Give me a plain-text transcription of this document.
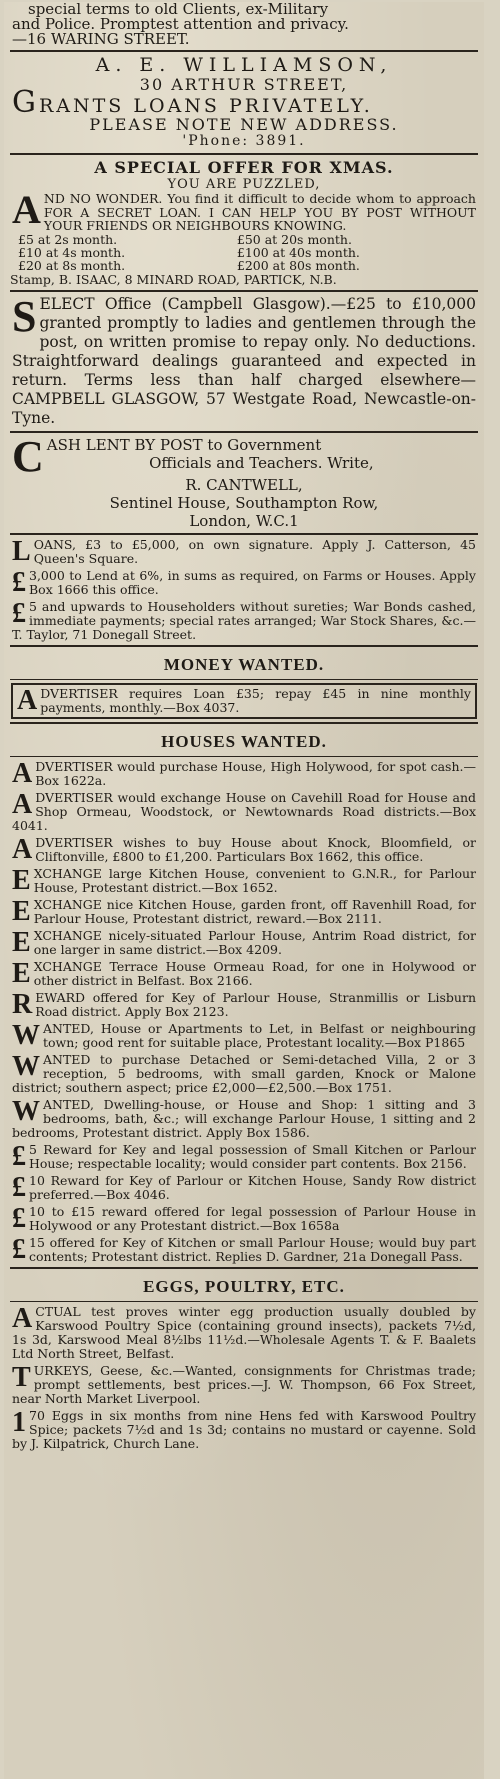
special terms to old Clients, ex-Military
and Police. Promptest attention and privacy.
—16 WARING STREET.
A. E. WILLIAMSON,
30 ARTHUR STREET,
GRANTS LOANS PRIVATELY.
PLEASE NOTE NEW ADDRESS.
'Phone: 3891.
A SPECIAL OFFER FOR XMAS.
YOU ARE PUZZLED,
AND NO WONDER. You find it difficult to decide whom to approach FOR A SECRET LOAN. I CAN HELP YOU BY POST WITHOUT YOUR FRIENDS OR NEIGHBOURS KNOWING.
£5 at 2s month.	£50 at 20s month.
£10 at 4s month.	£100 at 40s month.
£20 at 8s month.	£200 at 80s month.
Stamp, B. ISAAC, 8 MINARD ROAD, PARTICK, N.B.
SELECT Office (Campbell Glasgow).—£25 to £10,000 granted promptly to ladies and gentlemen through the post, on written promise to repay only. No deductions. Straightforward dealings guaranteed and expected in return. Terms less than half charged elsewhere—CAMPBELL GLASGOW, 57 Westgate Road, Newcastle-on-Tyne.
C ASH LENT BY POST to Government
Officials and Teachers. Write,
R. CANTWELL,
Sentinel House, Southampton Row,
London, W.C.1
LOANS, £3 to £5,000, on own signature. Apply J. Catterson, 45 Queen's Square.
£ 3,000 to Lend at 6%, in sums as required, on Farms or Houses. Apply Box 1666 this office.
£ 5 and upwards to Householders without sureties; War Bonds cashed, immediate payments; special rates arranged; War Stock Shares, &c.—T. Taylor, 71 Donegall Street.
MONEY WANTED.
ADVERTISER requires Loan £35; repay £45 in nine monthly payments, monthly.—Box 4037.
HOUSES WANTED.
ADVERTISER would purchase House, High Holywood, for spot cash.—Box 1622a.
ADVERTISER would exchange House on Cavehill Road for House and Shop Ormeau, Woodstock, or Newtownards Road districts.—Box 4041.
ADVERTISER wishes to buy House about Knock, Bloomfield, or Cliftonville, £800 to £1,200. Particulars Box 1662, this office.
EXCHANGE large Kitchen House, convenient to G.N.R., for Parlour House, Protestant district.—Box 1652.
EXCHANGE nice Kitchen House, garden front, off Ravenhill Road, for Parlour House, Protestant district, reward.—Box 2111.
EXCHANGE nicely-situated Parlour House, Antrim Road district, for one larger in same district.—Box 4209.
EXCHANGE Terrace House Ormeau Road, for one in Holywood or other district in Belfast. Box 2166.
REWARD offered for Key of Parlour House, Stranmillis or Lisburn Road district. Apply Box 2123.
WANTED, House or Apartments to Let, in Belfast or neighbouring town; good rent for suitable place, Protestant locality.—Box P1865
WANTED to purchase Detached or Semi-detached Villa, 2 or 3 reception, 5 bedrooms, with small garden, Knock or Malone district; southern aspect; price £2,000—£2,500.—Box 1751.
WANTED, Dwelling-house, or House and Shop: 1 sitting and 3 bedrooms, bath, &c.; will exchange Parlour House, 1 sitting and 2 bedrooms, Protestant district. Apply Box 1586.
£ 5 Reward for Key and legal possession of Small Kitchen or Parlour House; respectable locality; would consider part contents. Box 2156.
£ 10 Reward for Key of Parlour or Kitchen House, Sandy Row district preferred.—Box 4046.
£ 10 to £15 reward offered for legal possession of Parlour House in Holywood or any Protestant district.—Box 1658a
£ 15 offered for Key of Kitchen or small Parlour House; would buy part contents; Protestant district. Replies D. Gardner, 21a Donegall Pass.
EGGS, POULTRY, ETC.
ACTUAL test proves winter egg production usually doubled by Karswood Poultry Spice (containing ground insects), packets 7½d, 1s 3d, Karswood Meal 8½lbs 11½d.—Wholesale Agents T. & F. Baalets Ltd North Street, Belfast.
TURKEYS, Geese, &c.—Wanted, consignments for Christmas trade; prompt settlements, best prices.—J. W. Thompson, 66 Fox Street, near North Market Liverpool.
1 70 Eggs in six months from nine Hens fed with Karswood Poultry Spice; packets 7½d and 1s 3d; contains no mustard or cayenne. Sold by J. Kilpatrick, Church Lane.
